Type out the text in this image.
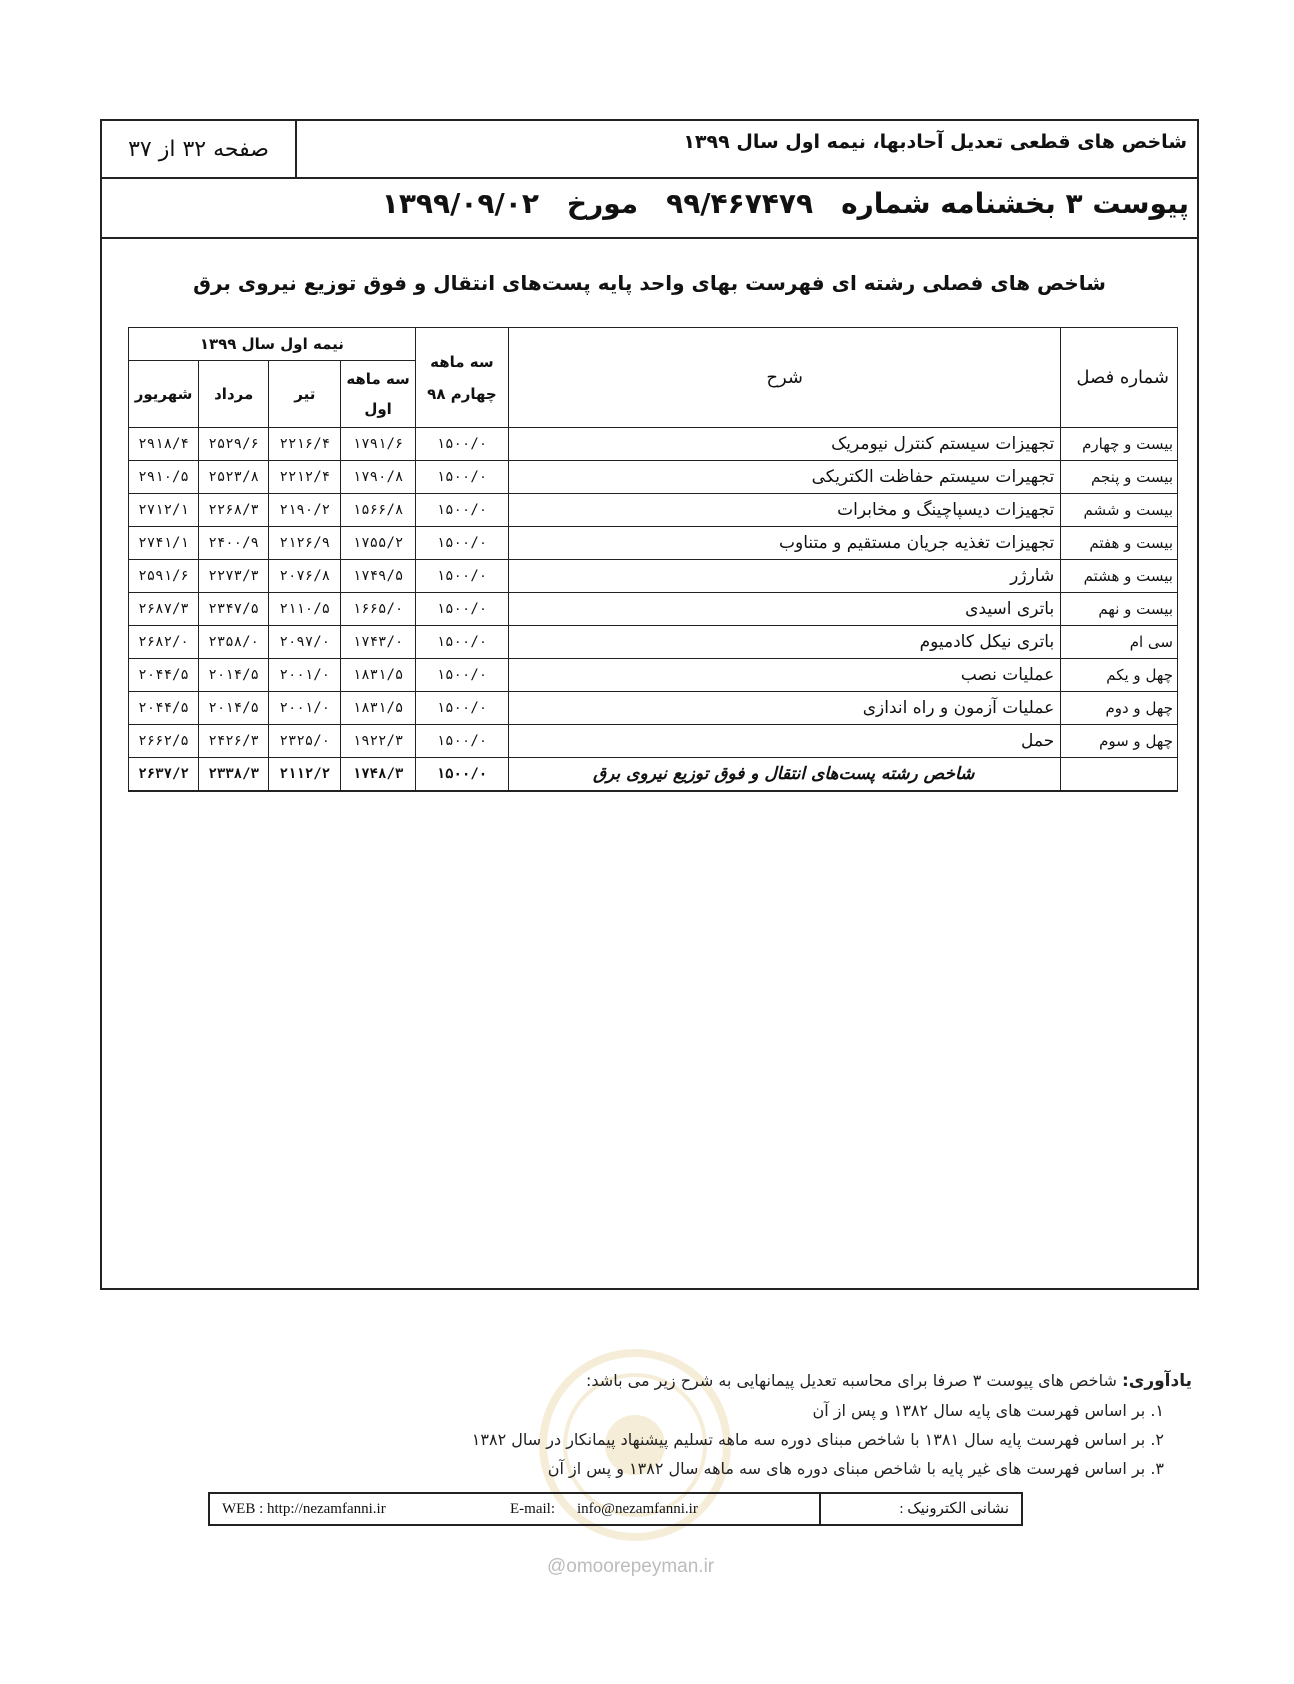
صفحه ۳۲ از ۳۷	شاخص های قطعی تعدیل آحادبها، نیمه اول سال ۱۳۹۹
پیوست ۳ بخشنامه شماره۹۹/۴۶۷۴۷۹مورخ۱۳۹۹/۰۹/۰۲
شاخص های فصلی رشته ای فهرست بهای واحد پایه پست‌های انتقال و فوق توزیع نیروی برق
شماره فصل	شرح	سه ماهه چهارم ۹۸	نیمه اول سال ۱۳۹۹			
			سه ماهه اول	تیر	مرداد	شهریور
بیست و چهارم	تجهیزات سیستم کنترل نیومریک	۱۵۰۰/۰	۱۷۹۱/۶	۲۲۱۶/۴	۲۵۲۹/۶	۲۹۱۸/۴
بیست و پنجم	تجهیرات سیستم حفاظت الکتریکی	۱۵۰۰/۰	۱۷۹۰/۸	۲۲۱۲/۴	۲۵۲۳/۸	۲۹۱۰/۵
بیست و ششم	تجهیزات دیسپاچینگ و مخابرات	۱۵۰۰/۰	۱۵۶۶/۸	۲۱۹۰/۲	۲۲۶۸/۳	۲۷۱۲/۱
بیست و هفتم	تجهیزات تغذیه جریان مستقیم و متناوب	۱۵۰۰/۰	۱۷۵۵/۲	۲۱۲۶/۹	۲۴۰۰/۹	۲۷۴۱/۱
بیست و هشتم	شارژر	۱۵۰۰/۰	۱۷۴۹/۵	۲۰۷۶/۸	۲۲۷۳/۳	۲۵۹۱/۶
بیست و نهم	باتری اسیدی	۱۵۰۰/۰	۱۶۶۵/۰	۲۱۱۰/۵	۲۳۴۷/۵	۲۶۸۷/۳
سی ام	باتری نیکل کادمیوم	۱۵۰۰/۰	۱۷۴۳/۰	۲۰۹۷/۰	۲۳۵۸/۰	۲۶۸۲/۰
چهل و یکم	عملیات نصب	۱۵۰۰/۰	۱۸۳۱/۵	۲۰۰۱/۰	۲۰۱۴/۵	۲۰۴۴/۵
چهل و دوم	عملیات آزمون و راه اندازی	۱۵۰۰/۰	۱۸۳۱/۵	۲۰۰۱/۰	۲۰۱۴/۵	۲۰۴۴/۵
چهل و سوم	حمل	۱۵۰۰/۰	۱۹۲۲/۳	۲۳۲۵/۰	۲۴۲۶/۳	۲۶۶۲/۵
	شاخص رشته پست‌های انتقال و فوق توزیع نیروی برق	۱۵۰۰/۰	۱۷۴۸/۳	۲۱۱۲/۲	۲۳۳۸/۳	۲۶۳۷/۲
یادآوری: شاخص های پیوست ۳ صرفا برای محاسبه تعدیل پیمانهایی به شرح زیر می باشد:
۱. بر اساس فهرست های پایه سال ۱۳۸۲ و پس از آن
۲. بر اساس فهرست پایه سال ۱۳۸۱ با شاخص مبنای دوره سه ماهه تسلیم پیشنهاد پیمانکار در سال ۱۳۸۲
۳. بر اساس فهرست های غیر پایه با شاخص مبنای دوره های سه ماهه سال ۱۳۸۲ و پس از آن
نشانی الکترونیک :
WEB : http://nezamfanni.ir	E-mail: info@nezamfanni.ir
@omoorepeyman.ir
